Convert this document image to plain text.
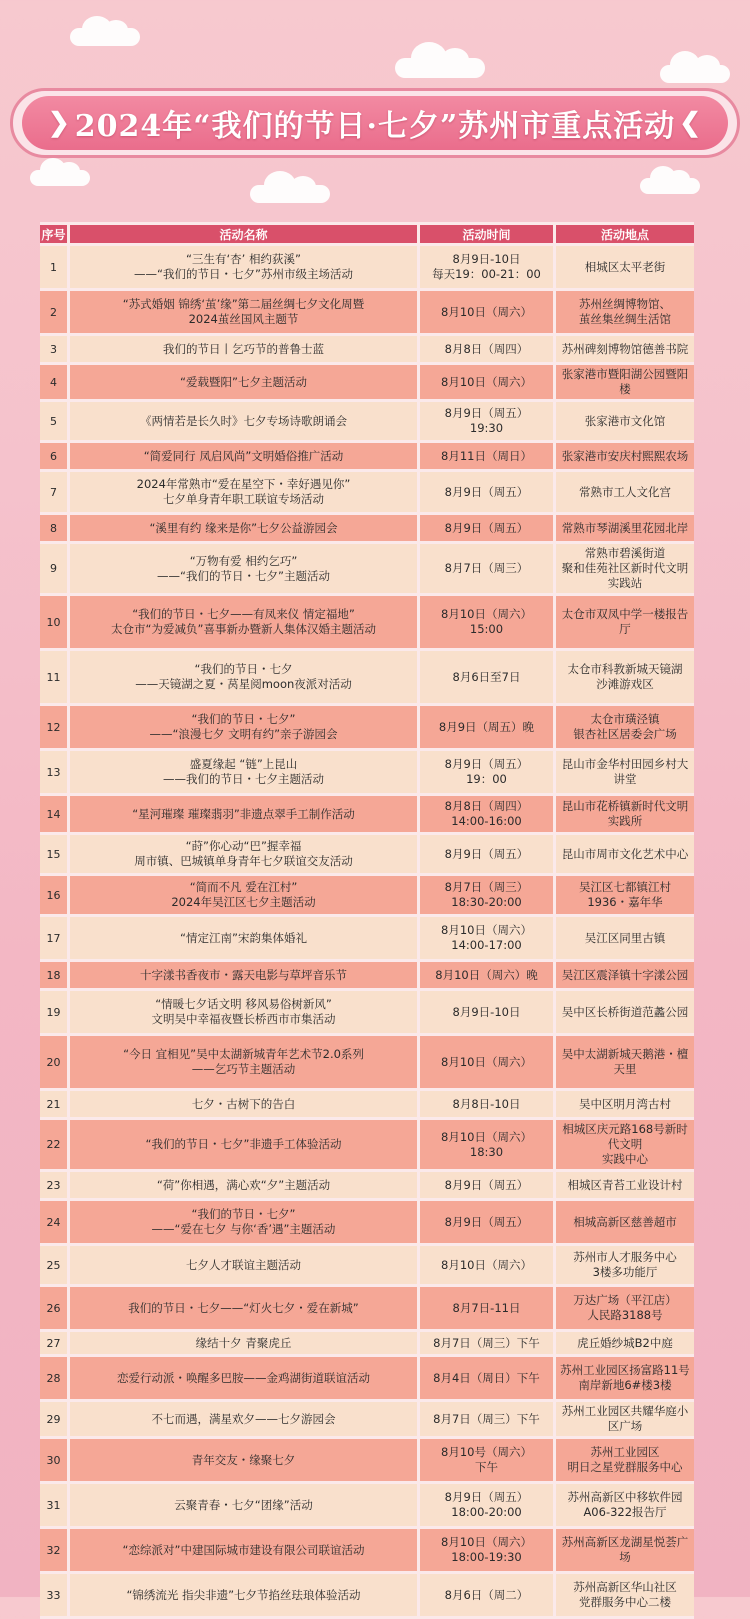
❯ 2024年“我们的节日·七夕”苏州市重点活动 ❮
序号	活动名称	活动时间	活动地点
1	“三生有‘杏’ 相约荻溪”
——“我们的节日・七夕”苏州市级主场活动	8月9日-10日
每天19：00-21：00	相城区太平老街
2	“苏式婚姻 锦绣‘茧’缘”第二届丝绸七夕文化周暨
2024茧丝国风主题节	8月10日（周六）	苏州丝绸博物馆、
茧丝集丝绸生活馆
3	我们的节日丨乞巧节的普鲁士蓝	8月8日（周四）	苏州碑刻博物馆德善书院
4	“爱载暨阳”七夕主题活动	8月10日（周六）	张家港市暨阳湖公园暨阳楼
5	《两情若是长久时》七夕专场诗歌朗诵会	8月9日（周五）
19:30	张家港市文化馆
6	“简爱同行 凤启风尚”文明婚俗推广活动	8月11日（周日）	张家港市安庆村熙熙农场
7	2024年常熟市“爱在星空下・幸好遇见你”
七夕单身青年职工联谊专场活动	8月9日（周五）	常熟市工人文化宫
8	“溪里有约 缘来是你”七夕公益游园会	8月9日（周五）	常熟市琴湖溪里花园北岸
9	“万物有爱 相约乞巧”
——“我们的节日・七夕”主题活动	8月7日（周三）	常熟市碧溪街道
聚和佳苑社区新时代文明实践站
10	“我们的节日・七夕——有凤来仪 情定福地”
太仓市“为爱减负”喜事新办暨新人集体汉婚主题活动	8月10日（周六）
15:00	太仓市双凤中学一楼报告厅
11	“我们的节日・七夕
——天镜湖之夏・莴星阅moon夜派对活动	8月6日至7日	太仓市科教新城天镜湖
沙滩游戏区
12	“我们的节日・七夕”
——“浪漫七夕 文明有约”亲子游园会	8月9日（周五）晚	太仓市璜泾镇
银杏社区居委会广场
13	盛夏缘起 “链”上昆山
——我们的节日・七夕主题活动	8月9日（周五）
19：00	昆山市金华村田园乡村大讲堂
14	“星河璀璨 璀璨翡羽”非遗点翠手工制作活动	8月8日（周四）
14:00-16:00	昆山市花桥镇新时代文明实践所
15	“莳”你心动“巴”握幸福
周市镇、巴城镇单身青年七夕联谊交友活动	8月9日（周五）	昆山市周市文化艺术中心
16	“简而不凡 爱在江村”
2024年吴江区七夕主题活动	8月7日（周三）
18:30-20:00	吴江区七都镇江村1936・嘉年华
17	“情定江南”宋韵集体婚礼	8月10日（周六）
14:00-17:00	吴江区同里古镇
18	十字漾书香夜市・露天电影与草坪音乐节	8月10日（周六）晚	吴江区震泽镇十字漾公园
19	“情暖七夕话文明 移风易俗树新风”
文明吴中幸福夜暨长桥西市市集活动	8月9日-10日	吴中区长桥街道范蠡公园
20	“今日 宜相见”吴中太湖新城青年艺术节2.0系列
——乞巧节主题活动	8月10日（周六）	吴中太湖新城天鹅港・檀天里
21	七夕・古树下的告白	8月8日-10日	吴中区明月湾古村
22	“我们的节日・七夕”非遗手工体验活动	8月10日（周六）
18:30	相城区庆元路168号新时代文明
实践中心
23	“荷”你相遇，满心欢“夕”主题活动	8月9日（周五）	相城区青苔工业设计村
24	“我们的节日・七夕”
——“爱在七夕 与你‘香’遇”主题活动	8月9日（周五）	相城高新区慈善超市
25	七夕人才联谊主题活动	8月10日（周六）	苏州市人才服务中心
3楼多功能厅
26	我们的节日・七夕——“灯火七夕・爱在新城”	8月7日-11日	万达广场（平江店）
人民路3188号
27	缘结十夕 青聚虎丘	8月7日（周三）下午	虎丘婚纱城B2中庭
28	恋爱行动派・唤醒多巴胺——金鸡湖街道联谊活动	8月4日（周日）下午	苏州工业园区扬富路11号
南岸新地6#楼3楼
29	不七而遇，满星欢夕——七夕游园会	8月7日（周三）下午	苏州工业园区共耀华庭小区广场
30	青年交友・缘聚七夕	8月10号（周六）
下午	苏州工业园区
明日之星党群服务中心
31	云聚青春・七夕“团缘”活动	8月9日（周五）
18:00-20:00	苏州高新区中移软件园
A06-322报告厅
32	“恋综派对”中建国际城市建设有限公司联谊活动	8月10日（周六）
18:00-19:30	苏州高新区龙湖星悦荟广场
33	“锦绣流光 指尖非遗”七夕节掐丝珐琅体验活动	8月6日（周二）	苏州高新区华山社区
党群服务中心二楼
